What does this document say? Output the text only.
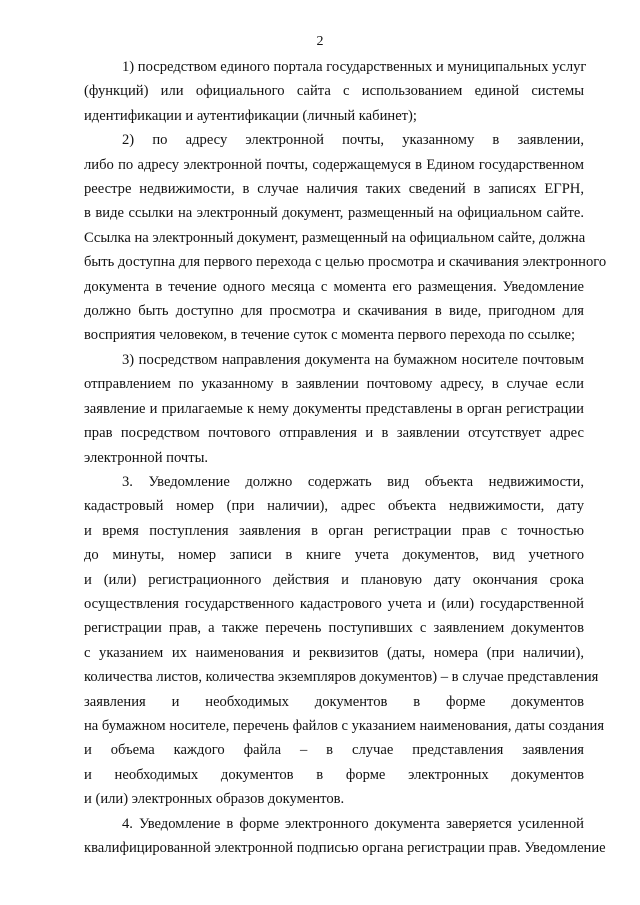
2

1) посредством единого портала государственных и муниципальных услуг
(функций) или официального сайта с использованием единой системы
идентификации и аутентификации (личный кабинет);

2) по адресу электронной почты, указанному в заявлении,
либо по адресу электронной почты, содержащемуся в Едином государственном
реестре недвижимости, в случае наличия таких сведений в записях ЕГРН,
в виде ссылки на электронный документ, размещенный на официальном сайте.
Ссылка на электронный документ, размещенный на официальном сайте, должна
быть доступна для первого перехода с целью просмотра и скачивания электронного
документа в течение одного месяца с момента его размещения. Уведомление
должно быть доступно для просмотра и скачивания в виде, пригодном для
восприятия человеком, в течение суток с момента первого перехода по ссылке;

3) посредством направления документа на бумажном носителе почтовым
отправлением по указанному в заявлении почтовому адресу, в случае если
заявление и прилагаемые к нему документы представлены в орган регистрации
прав посредством почтового отправления и в заявлении отсутствует адрес
электронной почты.

3. Уведомление должно содержать вид объекта недвижимости,
кадастровый номер (при наличии), адрес объекта недвижимости, дату
и время поступления заявления в орган регистрации прав с точностью
до минуты, номер записи в книге учета документов, вид учетного
и (или) регистрационного действия и плановую дату окончания срока
осуществления государственного кадастрового учета и (или) государственной
регистрации прав, а также перечень поступивших с заявлением документов
с указанием их наименования и реквизитов (даты, номера (при наличии),
количества листов, количества экземпляров документов) – в случае представления
заявления и необходимых документов в форме документов
на бумажном носителе, перечень файлов с указанием наименования, даты создания
и объема каждого файла – в случае представления заявления
и необходимых документов в форме электронных документов
и (или) электронных образов документов.

4. Уведомление в форме электронного документа заверяется усиленной
квалифицированной электронной подписью органа регистрации прав. Уведомление
